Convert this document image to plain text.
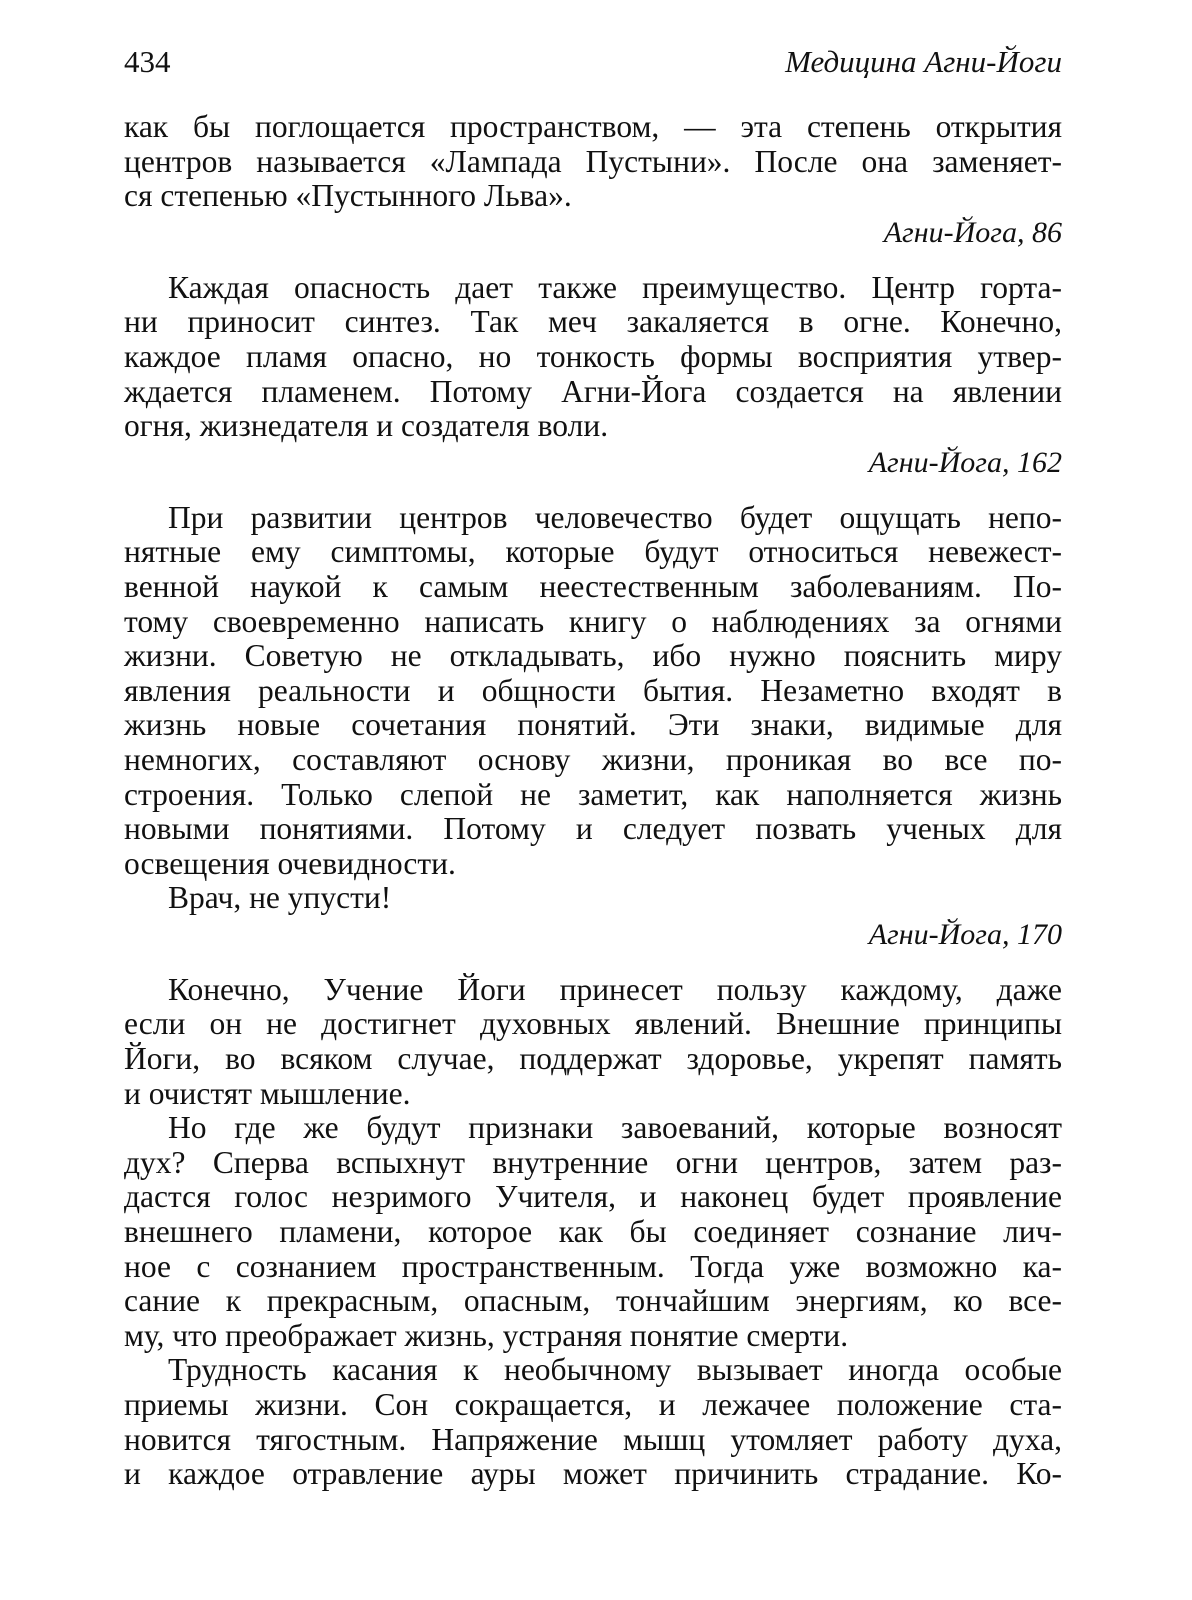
434	Медицина Агни-Йоги
как бы поглощается пространством, — эта степень открытия
центров называется «Лампада Пустыни». После она заменяет-
ся степенью «Пустынного Льва».
Агни-Йога, 86
Каждая опасность дает также преимущество. Центр горта-
ни приносит синтез. Так меч закаляется в огне. Конечно,
каждое пламя опасно, но тонкость формы восприятия утвер-
ждается пламенем. Потому Агни-Йога создается на явлении
огня, жизнедателя и создателя воли.
Агни-Йога, 162
При развитии центров человечество будет ощущать непо-
нятные ему симптомы, которые будут относиться невежест-
венной наукой к самым неестественным заболеваниям. По-
тому своевременно написать книгу о наблюдениях за огнями
жизни. Советую не откладывать, ибо нужно пояснить миру
явления реальности и общности бытия. Незаметно входят в
жизнь новые сочетания понятий. Эти знаки, видимые для
немногих, составляют основу жизни, проникая во все по-
строения. Только слепой не заметит, как наполняется жизнь
новыми понятиями. Потому и следует позвать ученых для
освещения очевидности.
Врач, не упусти!
Агни-Йога, 170
Конечно, Учение Йоги принесет пользу каждому, даже
если он не достигнет духовных явлений. Внешние принципы
Йоги, во всяком случае, поддержат здоровье, укрепят память
и очистят мышление.
Но где же будут признаки завоеваний, которые возносят
дух? Сперва вспыхнут внутренние огни центров, затем раз-
дастся голос незримого Учителя, и наконец будет проявление
внешнего пламени, которое как бы соединяет сознание лич-
ное с сознанием пространственным. Тогда уже возможно ка-
сание к прекрасным, опасным, тончайшим энергиям, ко все-
му, что преображает жизнь, устраняя понятие смерти.
Трудность касания к необычному вызывает иногда особые
приемы жизни. Сон сокращается, и лежачее положение ста-
новится тягостным. Напряжение мышц утомляет работу духа,
и каждое отравление ауры может причинить страдание. Ко-
